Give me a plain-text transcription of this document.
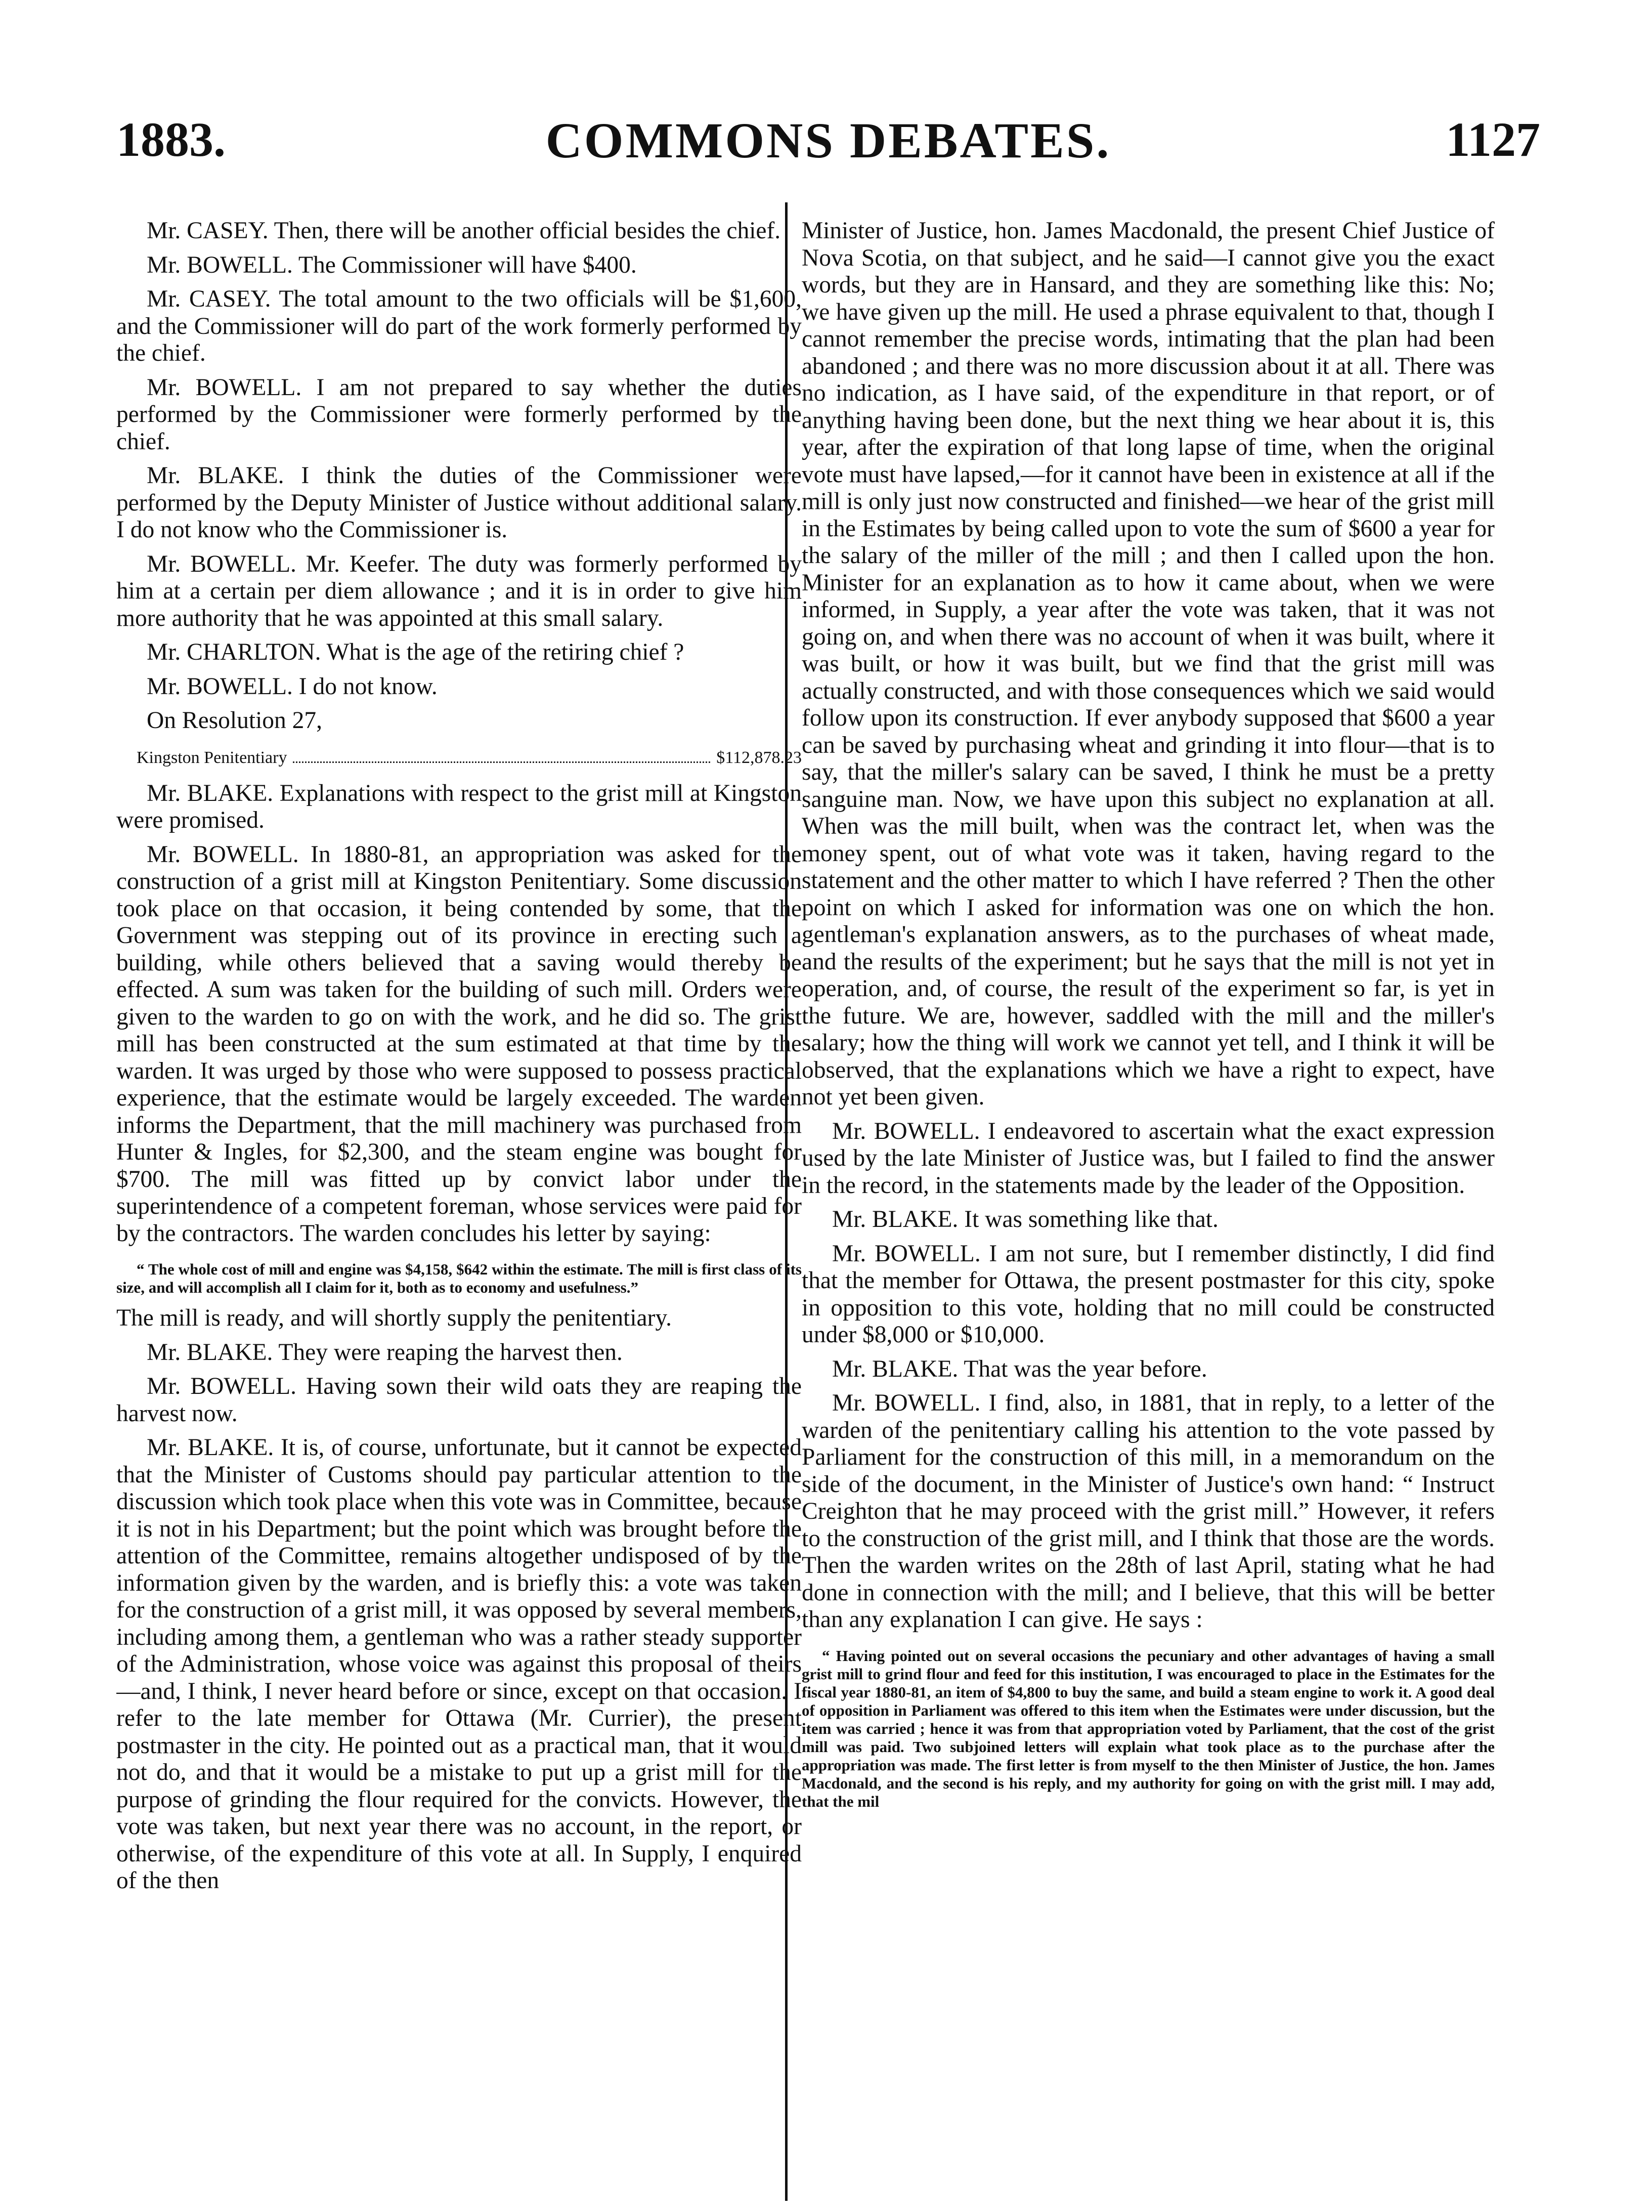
1883.	COMMONS DEBATES.	1127

Mr. CASEY. Then, there will be another official besides the chief.

Mr. BOWELL. The Commissioner will have $400.

Mr. CASEY. The total amount to the two officials will be $1,600, and the Commissioner will do part of the work formerly performed by the chief.

Mr. BOWELL. I am not prepared to say whether the duties performed by the Commissioner were formerly performed by the chief.

Mr. BLAKE. I think the duties of the Commissioner were performed by the Deputy Minister of Justice without additional salary. I do not know who the Commissioner is.

Mr. BOWELL. Mr. Keefer. The duty was formerly performed by him at a certain per diem allowance ; and it is in order to give him more authority that he was appointed at this small salary.

Mr. CHARLTON. What is the age of the retiring chief ?

Mr. BOWELL. I do not know.

On Resolution 27,

Kingston Penitentiary	$112,878.23

Mr. BLAKE. Explanations with respect to the grist mill at Kingston were promised.

Mr. BOWELL. In 1880-81, an appropriation was asked for the construction of a grist mill at Kingston Penitentiary. Some discussion took place on that occasion, it being contended by some, that the Government was stepping out of its province in erecting such a building, while others believed that a saving would thereby be effected. A sum was taken for the building of such mill. Orders were given to the warden to go on with the work, and he did so. The grist mill has been constructed at the sum estimated at that time by the warden. It was urged by those who were supposed to possess practical experience, that the estimate would be largely exceeded. The warden informs the Department, that the mill machinery was purchased from Hunter & Ingles, for $2,300, and the steam engine was bought for $700. The mill was fitted up by convict labor under the superintendence of a competent foreman, whose services were paid for by the contractors. The warden concludes his letter by saying:

“ The whole cost of mill and engine was $4,158, $642 within the estimate. The mill is first class of its size, and will accomplish all I claim for it, both as to economy and usefulness.”

The mill is ready, and will shortly supply the penitentiary.

Mr. BLAKE. They were reaping the harvest then.

Mr. BOWELL. Having sown their wild oats they are reaping the harvest now.

Mr. BLAKE. It is, of course, unfortunate, but it cannot be expected that the Minister of Customs should pay particular attention to the discussion which took place when this vote was in Committee, because it is not in his Department; but the point which was brought before the attention of the Committee, remains altogether undisposed of by the information given by the warden, and is briefly this: a vote was taken for the construction of a grist mill, it was opposed by several members, including among them, a gentleman who was a rather steady supporter of the Administration, whose voice was against this proposal of theirs—and, I think, I never heard before or since, except on that occasion. I refer to the late member for Ottawa (Mr. Currier), the present postmaster in the city. He pointed out as a practical man, that it would not do, and that it would be a mistake to put up a grist mill for the purpose of grinding the flour required for the convicts. However, the vote was taken, but next year there was no account, in the report, or otherwise, of the expenditure of this vote at all. In Supply, I enquired of the then

Minister of Justice, hon. James Macdonald, the present Chief Justice of Nova Scotia, on that subject, and he said—I cannot give you the exact words, but they are in Hansard, and they are something like this: No; we have given up the mill. He used a phrase equivalent to that, though I cannot remember the precise words, intimating that the plan had been abandoned ; and there was no more discussion about it at all. There was no indication, as I have said, of the expenditure in that report, or of anything having been done, but the next thing we hear about it is, this year, after the expiration of that long lapse of time, when the original vote must have lapsed,—for it cannot have been in existence at all if the mill is only just now constructed and finished—we hear of the grist mill in the Estimates by being called upon to vote the sum of $600 a year for the salary of the miller of the mill ; and then I called upon the hon. Minister for an explanation as to how it came about, when we were informed, in Supply, a year after the vote was taken, that it was not going on, and when there was no account of when it was built, where it was built, or how it was built, but we find that the grist mill was actually constructed, and with those consequences which we said would follow upon its construction. If ever anybody supposed that $600 a year can be saved by purchasing wheat and grinding it into flour—that is to say, that the miller's salary can be saved, I think he must be a pretty sanguine man. Now, we have upon this subject no explanation at all. When was the mill built, when was the contract let, when was the money spent, out of what vote was it taken, having regard to the statement and the other matter to which I have referred ? Then the other point on which I asked for information was one on which the hon. gentleman's explanation answers, as to the purchases of wheat made, and the results of the experiment; but he says that the mill is not yet in operation, and, of course, the result of the experiment so far, is yet in the future. We are, however, saddled with the mill and the miller's salary; how the thing will work we cannot yet tell, and I think it will be observed, that the explanations which we have a right to expect, have not yet been given.

Mr. BOWELL. I endeavored to ascertain what the exact expression used by the late Minister of Justice was, but I failed to find the answer in the record, in the statements made by the leader of the Opposition.

Mr. BLAKE. It was something like that.

Mr. BOWELL. I am not sure, but I remember distinctly, I did find that the member for Ottawa, the present postmaster for this city, spoke in opposition to this vote, holding that no mill could be constructed under $8,000 or $10,000.

Mr. BLAKE. That was the year before.

Mr. BOWELL. I find, also, in 1881, that in reply, to a letter of the warden of the penitentiary calling his attention to the vote passed by Parliament for the construction of this mill, in a memorandum on the side of the document, in the Minister of Justice's own hand: “ Instruct Creighton that he may proceed with the grist mill.” However, it refers to the construction of the grist mill, and I think that those are the words. Then the warden writes on the 28th of last April, stating what he had done in connection with the mill; and I believe, that this will be better than any explanation I can give. He says :

“ Having pointed out on several occasions the pecuniary and other advantages of having a small grist mill to grind flour and feed for this institution, I was encouraged to place in the Estimates for the fiscal year 1880-81, an item of $4,800 to buy the same, and build a steam engine to work it. A good deal of opposition in Parliament was offered to this item when the Estimates were under discussion, but the item was carried ; hence it was from that appropriation voted by Parliament, that the cost of the grist mill was paid. Two subjoined letters will explain what took place as to the purchase after the appropriation was made. The first letter is from myself to the then Minister of Justice, the hon. James Macdonald, and the second is his reply, and my authority for going on with the grist mill. I may add, that the mil
